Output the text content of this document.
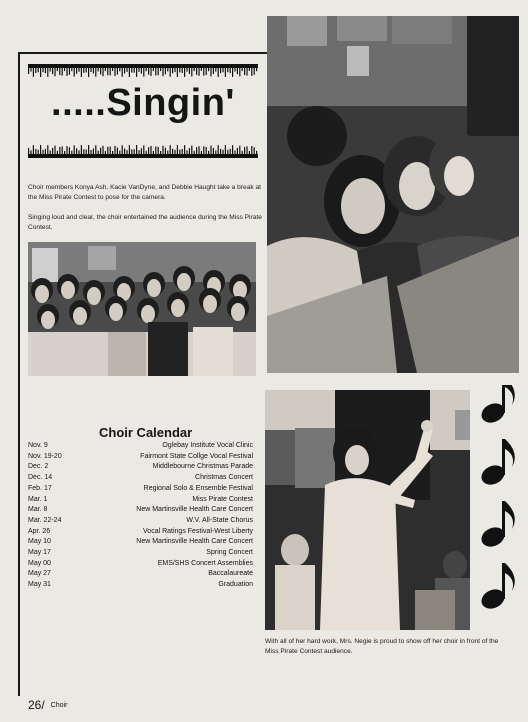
.....Singin'
Choir members Konya Ash, Kacie VanDyne, and Debbie Haught take a break at the Miss Pirate Contest to pose for the camera.
Singing loud and clear, the choir entertained the audience during the Miss Pirate Contest.
Choir Calendar
Nov. 9	Oglebay Institute Vocal Clinic
Nov. 19-20	Fairmont State Collge Vocal Festival
Dec. 2	Middlebourne Christmas Parade
Dec. 14	Christmas Concert
Feb. 17	Regional Solo & Ensemble Festival
Mar. 1	Miss Pirate Contest
Mar. 8	New Martinsville Health Care Concert
Mar. 22-24	W.V. All-State Chorus
Apr. 26	Vocal Ratings Festival-West Liberty
May 10	New Martinsville Health Care Concert
May 17	Spring Concert
May 00	EMS/SHS Concert Assemblies
May 27	Baccalaureate
May 31	Graduation
With all of her hard work, Mrs. Negie is proud to show off her choir in front of the Miss Pirate Contest audience.
26/ Choir
